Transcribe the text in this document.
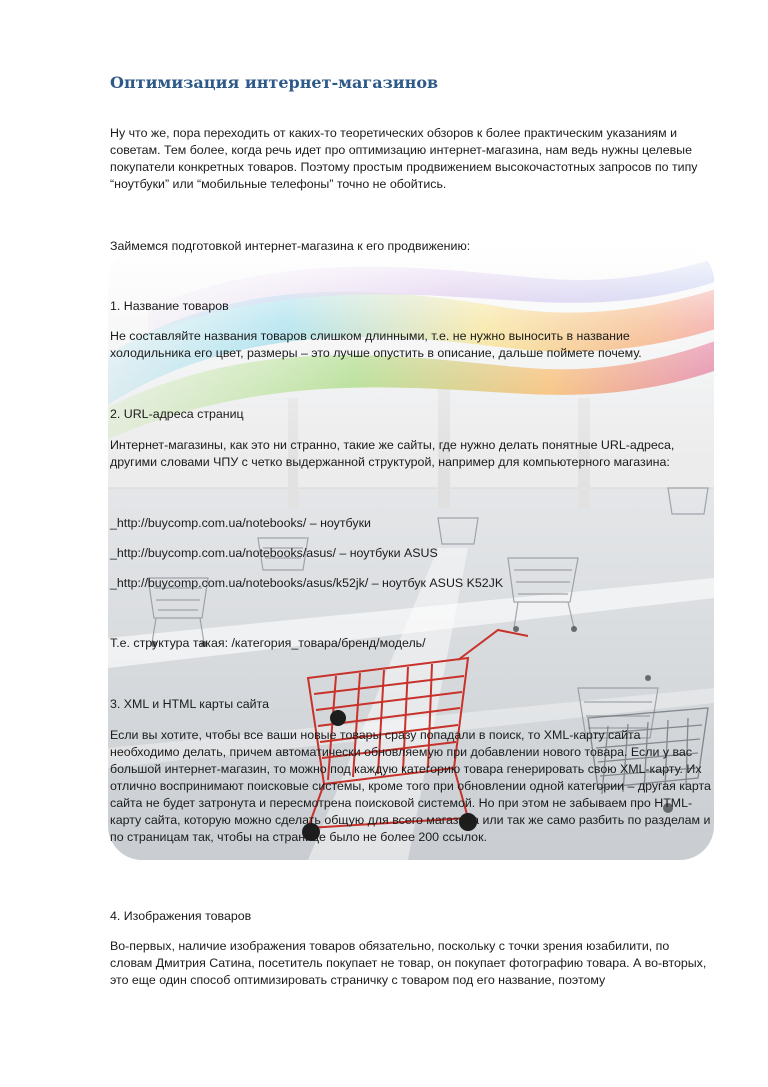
Оптимизация интернет-магазинов

Ну что же, пора переходить от каких-то теоретических обзоров к более практическим указаниям и советам. Тем более, когда речь идет про оптимизацию интернет-магазина, нам ведь нужны целевые покупатели конкретных товаров. Поэтому простым продвижением высокочастотных запросов по типу “ноутбуки” или “мобильные телефоны” точно не обойтись.

Займемся подготовкой интернет-магазина к его продвижению:

1. Название товаров

Не составляйте названия товаров слишком длинными, т.е. не нужно выносить в название холодильника его цвет, размеры – это лучше опустить в описание, дальше поймете почему.

2. URL-адреса страниц

Интернет-магазины, как это ни странно, такие же сайты, где нужно делать понятные URL-адреса, другими словами ЧПУ с четко выдержанной структурой, например для компьютерного магазина:

_http://buycomp.com.ua/notebooks/ – ноутбуки

_http://buycomp.com.ua/notebooks/asus/ – ноутбуки ASUS

_http://buycomp.com.ua/notebooks/asus/k52jk/ – ноутбук ASUS K52JK

Т.е. структура такая: /категория_товара/бренд/модель/

3. XML и HTML карты сайта

Если вы хотите, чтобы все ваши новые товары сразу попадали в поиск, то XML-карту сайта необходимо делать, причем автоматически обновляемую при добавлении нового товара. Если у вас большой интернет-магазин, то можно под каждую категорию товара генерировать свою XML-карту. Их отлично воспринимают поисковые системы, кроме того при обновлении одной категории – другая карта сайта не будет затронута и пересмотрена поисковой системой. Но при этом не забываем про HTML-карту сайта, которую можно сделать общую для всего магазина или так же само разбить по разделам и по страницам так, чтобы на странице было не более 200 ссылок.

4. Изображения товаров

Во-первых, наличие изображения товаров обязательно, поскольку с точки зрения юзабилити, по словам Дмитрия Сатина, посетитель покупает не товар, он покупает фотографию товара. А во-вторых, это еще один способ оптимизировать страничку с товаром под его название, поэтому
